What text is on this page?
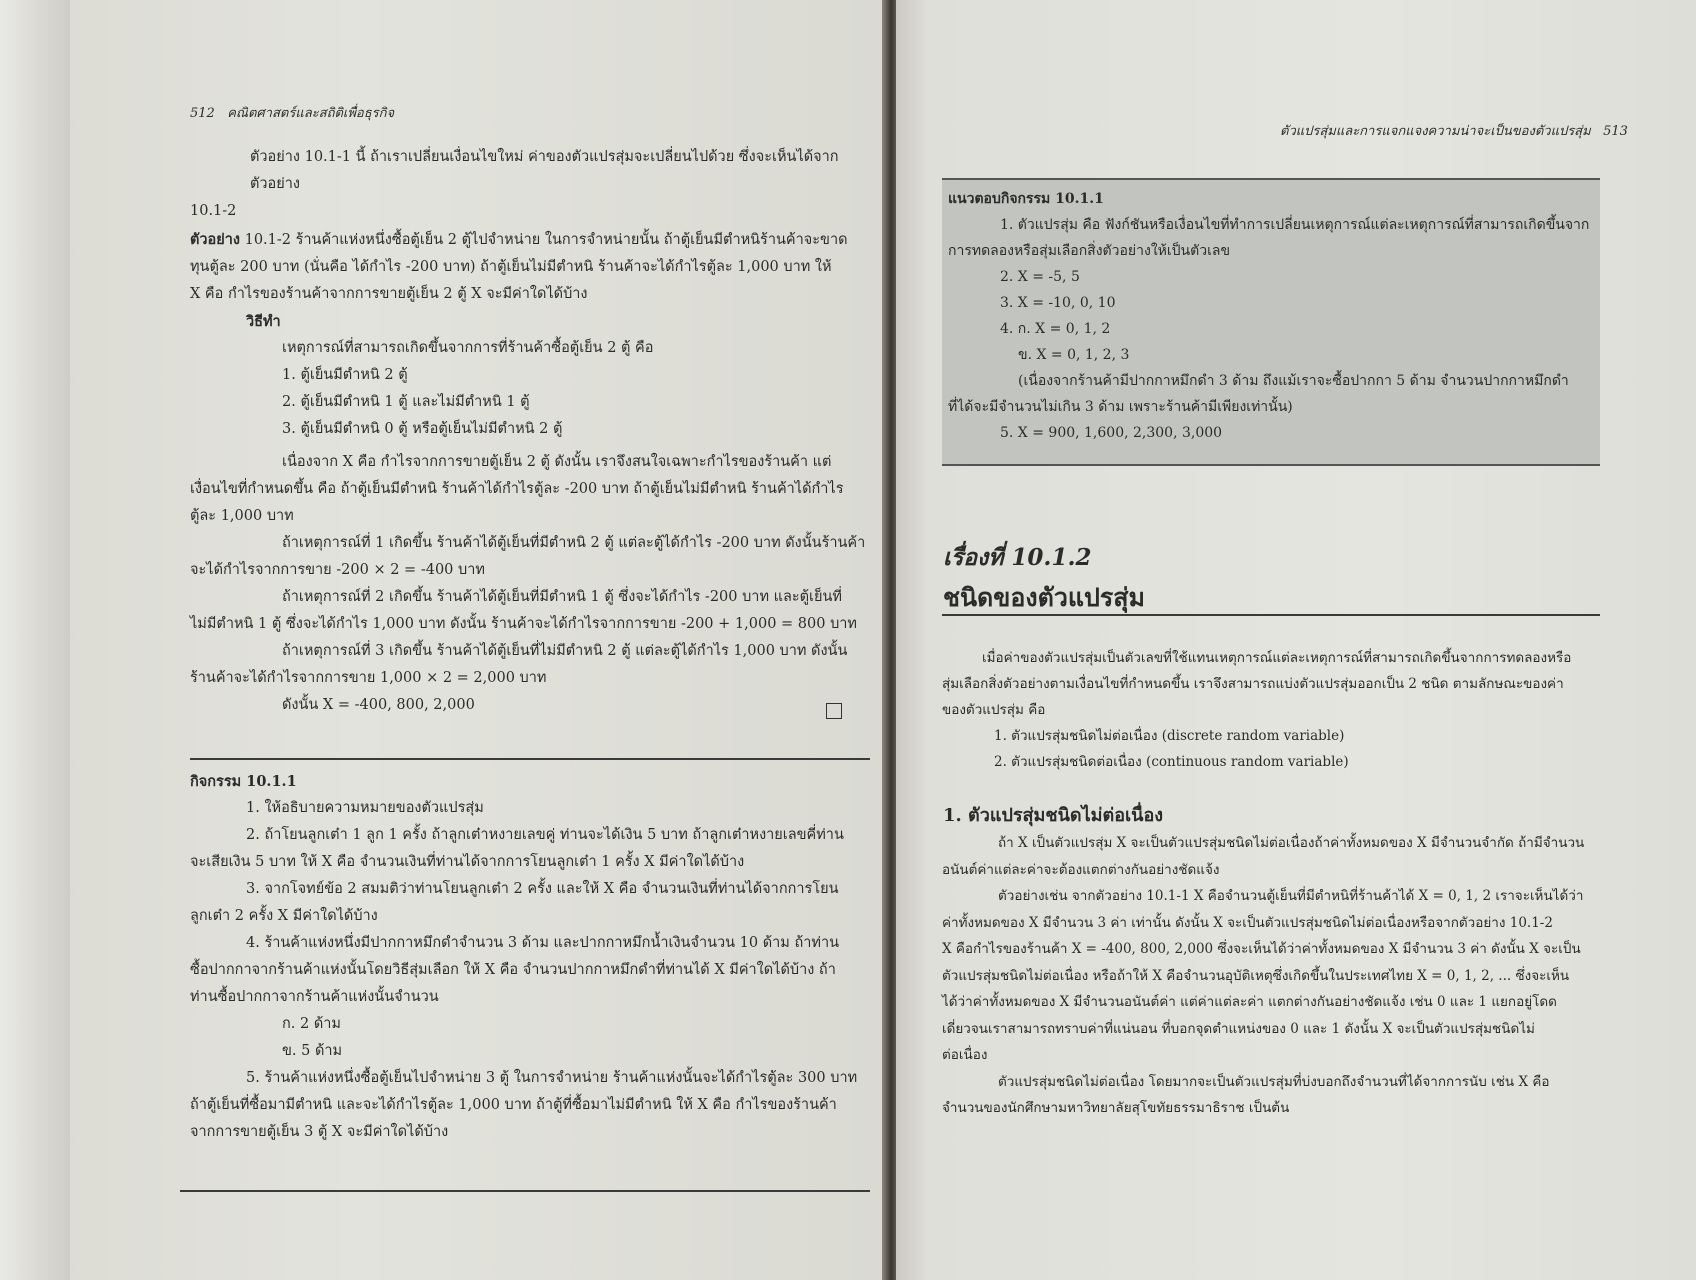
512 คณิตศาสตร์และสถิติเพื่อธุรกิจ
ตัวอย่าง 10.1-1 นี้ ถ้าเราเปลี่ยนเงื่อนไขใหม่ ค่าของตัวแปรสุ่มจะเปลี่ยนไปด้วย ซึ่งจะเห็นได้จากตัวอย่าง
10.1-2
ตัวอย่าง 10.1-2 ร้านค้าแห่งหนึ่งซื้อตู้เย็น 2 ตู้ไปจำหน่าย ในการจำหน่ายนั้น ถ้าตู้เย็นมีตำหนิร้านค้าจะขาด
ทุนตู้ละ 200 บาท (นั่นคือ ได้กำไร -200 บาท) ถ้าตู้เย็นไม่มีตำหนิ ร้านค้าจะได้กำไรตู้ละ 1,000 บาท ให้
X คือ กำไรของร้านค้าจากการขายตู้เย็น 2 ตู้ X จะมีค่าใดได้บ้าง
วิธีทำ
เหตุการณ์ที่สามารถเกิดขึ้นจากการที่ร้านค้าซื้อตู้เย็น 2 ตู้ คือ
1. ตู้เย็นมีตำหนิ 2 ตู้
2. ตู้เย็นมีตำหนิ 1 ตู้ และไม่มีตำหนิ 1 ตู้
3. ตู้เย็นมีตำหนิ 0 ตู้ หรือตู้เย็นไม่มีตำหนิ 2 ตู้
เนื่องจาก X คือ กำไรจากการขายตู้เย็น 2 ตู้ ดังนั้น เราจึงสนใจเฉพาะกำไรของร้านค้า แต่
เงื่อนไขที่กำหนดขึ้น คือ ถ้าตู้เย็นมีตำหนิ ร้านค้าได้กำไรตู้ละ -200 บาท ถ้าตู้เย็นไม่มีตำหนิ ร้านค้าได้กำไร
ตู้ละ 1,000 บาท
ถ้าเหตุการณ์ที่ 1 เกิดขึ้น ร้านค้าได้ตู้เย็นที่มีตำหนิ 2 ตู้ แต่ละตู้ได้กำไร -200 บาท ดังนั้นร้านค้า
จะได้กำไรจากการขาย -200 × 2 = -400 บาท
ถ้าเหตุการณ์ที่ 2 เกิดขึ้น ร้านค้าได้ตู้เย็นที่มีตำหนิ 1 ตู้ ซึ่งจะได้กำไร -200 บาท และตู้เย็นที่
ไม่มีตำหนิ 1 ตู้ ซึ่งจะได้กำไร 1,000 บาท ดังนั้น ร้านค้าจะได้กำไรจากการขาย -200 + 1,000 = 800 บาท
ถ้าเหตุการณ์ที่ 3 เกิดขึ้น ร้านค้าได้ตู้เย็นที่ไม่มีตำหนิ 2 ตู้ แต่ละตู้ได้กำไร 1,000 บาท ดังนั้น
ร้านค้าจะได้กำไรจากการขาย 1,000 × 2 = 2,000 บาท
ดังนั้น X = -400, 800, 2,000
กิจกรรม 10.1.1
1. ให้อธิบายความหมายของตัวแปรสุ่ม
2. ถ้าโยนลูกเต๋า 1 ลูก 1 ครั้ง ถ้าลูกเต๋าหงายเลขคู่ ท่านจะได้เงิน 5 บาท ถ้าลูกเต๋าหงายเลขคี่ท่าน
จะเสียเงิน 5 บาท ให้ X คือ จำนวนเงินที่ท่านได้จากการโยนลูกเต๋า 1 ครั้ง X มีค่าใดได้บ้าง
3. จากโจทย์ข้อ 2 สมมติว่าท่านโยนลูกเต๋า 2 ครั้ง และให้ X คือ จำนวนเงินที่ท่านได้จากการโยน
ลูกเต๋า 2 ครั้ง X มีค่าใดได้บ้าง
4. ร้านค้าแห่งหนึ่งมีปากกาหมึกดำจำนวน 3 ด้าม และปากกาหมึกน้ำเงินจำนวน 10 ด้าม ถ้าท่าน
ซื้อปากกาจากร้านค้าแห่งนั้นโดยวิธีสุ่มเลือก ให้ X คือ จำนวนปากกาหมึกดำที่ท่านได้ X มีค่าใดได้บ้าง ถ้า
ท่านซื้อปากกาจากร้านค้าแห่งนั้นจำนวน
ก. 2 ด้าม
ข. 5 ด้าม
5. ร้านค้าแห่งหนึ่งซื้อตู้เย็นไปจำหน่าย 3 ตู้ ในการจำหน่าย ร้านค้าแห่งนั้นจะได้กำไรตู้ละ 300 บาท
ถ้าตู้เย็นที่ซื้อมามีตำหนิ และจะได้กำไรตู้ละ 1,000 บาท ถ้าตู้ที่ซื้อมาไม่มีตำหนิ ให้ X คือ กำไรของร้านค้า
จากการขายตู้เย็น 3 ตู้ X จะมีค่าใดได้บ้าง
ตัวแปรสุ่มและการแจกแจงความน่าจะเป็นของตัวแปรสุ่ม 513
แนวตอบกิจกรรม 10.1.1
1. ตัวแปรสุ่ม คือ ฟังก์ชันหรือเงื่อนไขที่ทำการเปลี่ยนเหตุการณ์แต่ละเหตุการณ์ที่สามารถเกิดขึ้นจาก
การทดลองหรือสุ่มเลือกสิ่งตัวอย่างให้เป็นตัวเลข
2. X = -5, 5
3. X = -10, 0, 10
4. ก. X = 0, 1, 2
ข. X = 0, 1, 2, 3
(เนื่องจากร้านค้ามีปากกาหมึกดำ 3 ด้าม ถึงแม้เราจะซื้อปากกา 5 ด้าม จำนวนปากกาหมึกดำ
ที่ได้จะมีจำนวนไม่เกิน 3 ด้าม เพราะร้านค้ามีเพียงเท่านั้น)
5. X = 900, 1,600, 2,300, 3,000
เรื่องที่ 10.1.2
ชนิดของตัวแปรสุ่ม
เมื่อค่าของตัวแปรสุ่มเป็นตัวเลขที่ใช้แทนเหตุการณ์แต่ละเหตุการณ์ที่สามารถเกิดขึ้นจากการทดลองหรือ
สุ่มเลือกสิ่งตัวอย่างตามเงื่อนไขที่กำหนดขึ้น เราจึงสามารถแบ่งตัวแปรสุ่มออกเป็น 2 ชนิด ตามลักษณะของค่า
ของตัวแปรสุ่ม คือ
1. ตัวแปรสุ่มชนิดไม่ต่อเนื่อง (discrete random variable)
2. ตัวแปรสุ่มชนิดต่อเนื่อง (continuous random variable)
1. ตัวแปรสุ่มชนิดไม่ต่อเนื่อง
ถ้า X เป็นตัวแปรสุ่ม X จะเป็นตัวแปรสุ่มชนิดไม่ต่อเนื่องถ้าค่าทั้งหมดของ X มีจำนวนจำกัด ถ้ามีจำนวน
อนันต์ค่าแต่ละค่าจะต้องแตกต่างกันอย่างชัดแจ้ง
ตัวอย่างเช่น จากตัวอย่าง 10.1-1 X คือจำนวนตู้เย็นที่มีตำหนิที่ร้านค้าได้ X = 0, 1, 2 เราจะเห็นได้ว่า
ค่าทั้งหมดของ X มีจำนวน 3 ค่า เท่านั้น ดังนั้น X จะเป็นตัวแปรสุ่มชนิดไม่ต่อเนื่องหรือจากตัวอย่าง 10.1-2
X คือกำไรของร้านค้า X = -400, 800, 2,000 ซึ่งจะเห็นได้ว่าค่าทั้งหมดของ X มีจำนวน 3 ค่า ดังนั้น X จะเป็น
ตัวแปรสุ่มชนิดไม่ต่อเนื่อง หรือถ้าให้ X คือจำนวนอุบัติเหตุซึ่งเกิดขึ้นในประเทศไทย X = 0, 1, 2, ... ซึ่งจะเห็น
ได้ว่าค่าทั้งหมดของ X มีจำนวนอนันต์ค่า แต่ค่าแต่ละค่า แตกต่างกันอย่างชัดแจ้ง เช่น 0 และ 1 แยกอยู่โดด
เดี่ยวจนเราสามารถทราบค่าที่แน่นอน ที่บอกจุดตำแหน่งของ 0 และ 1 ดังนั้น X จะเป็นตัวแปรสุ่มชนิดไม่
ต่อเนื่อง
ตัวแปรสุ่มชนิดไม่ต่อเนื่อง โดยมากจะเป็นตัวแปรสุ่มที่บ่งบอกถึงจำนวนที่ได้จากการนับ เช่น X คือ
จำนวนของนักศึกษามหาวิทยาลัยสุโขทัยธรรมาธิราช เป็นต้น
